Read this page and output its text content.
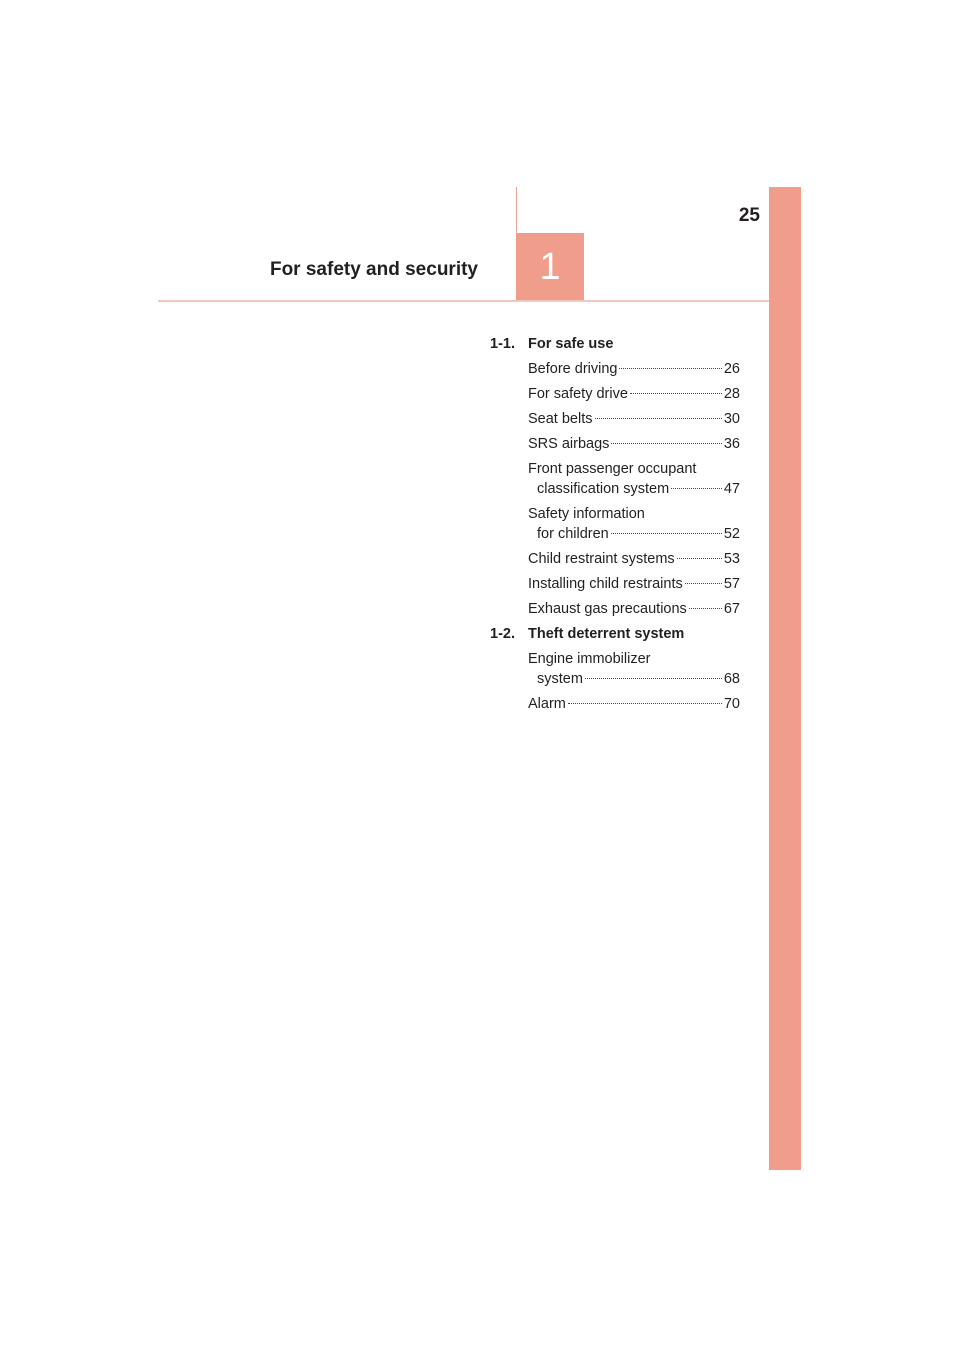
25
1
For safety and security
1-1. For safe use
Before driving	26
For safety drive	28
Seat belts	30
SRS airbags	36
Front passenger occupant
classification system	47
Safety information
for children	52
Child restraint systems	53
Installing child restraints	57
Exhaust gas precautions	67
1-2. Theft deterrent system
Engine immobilizer
system	68
Alarm	70
